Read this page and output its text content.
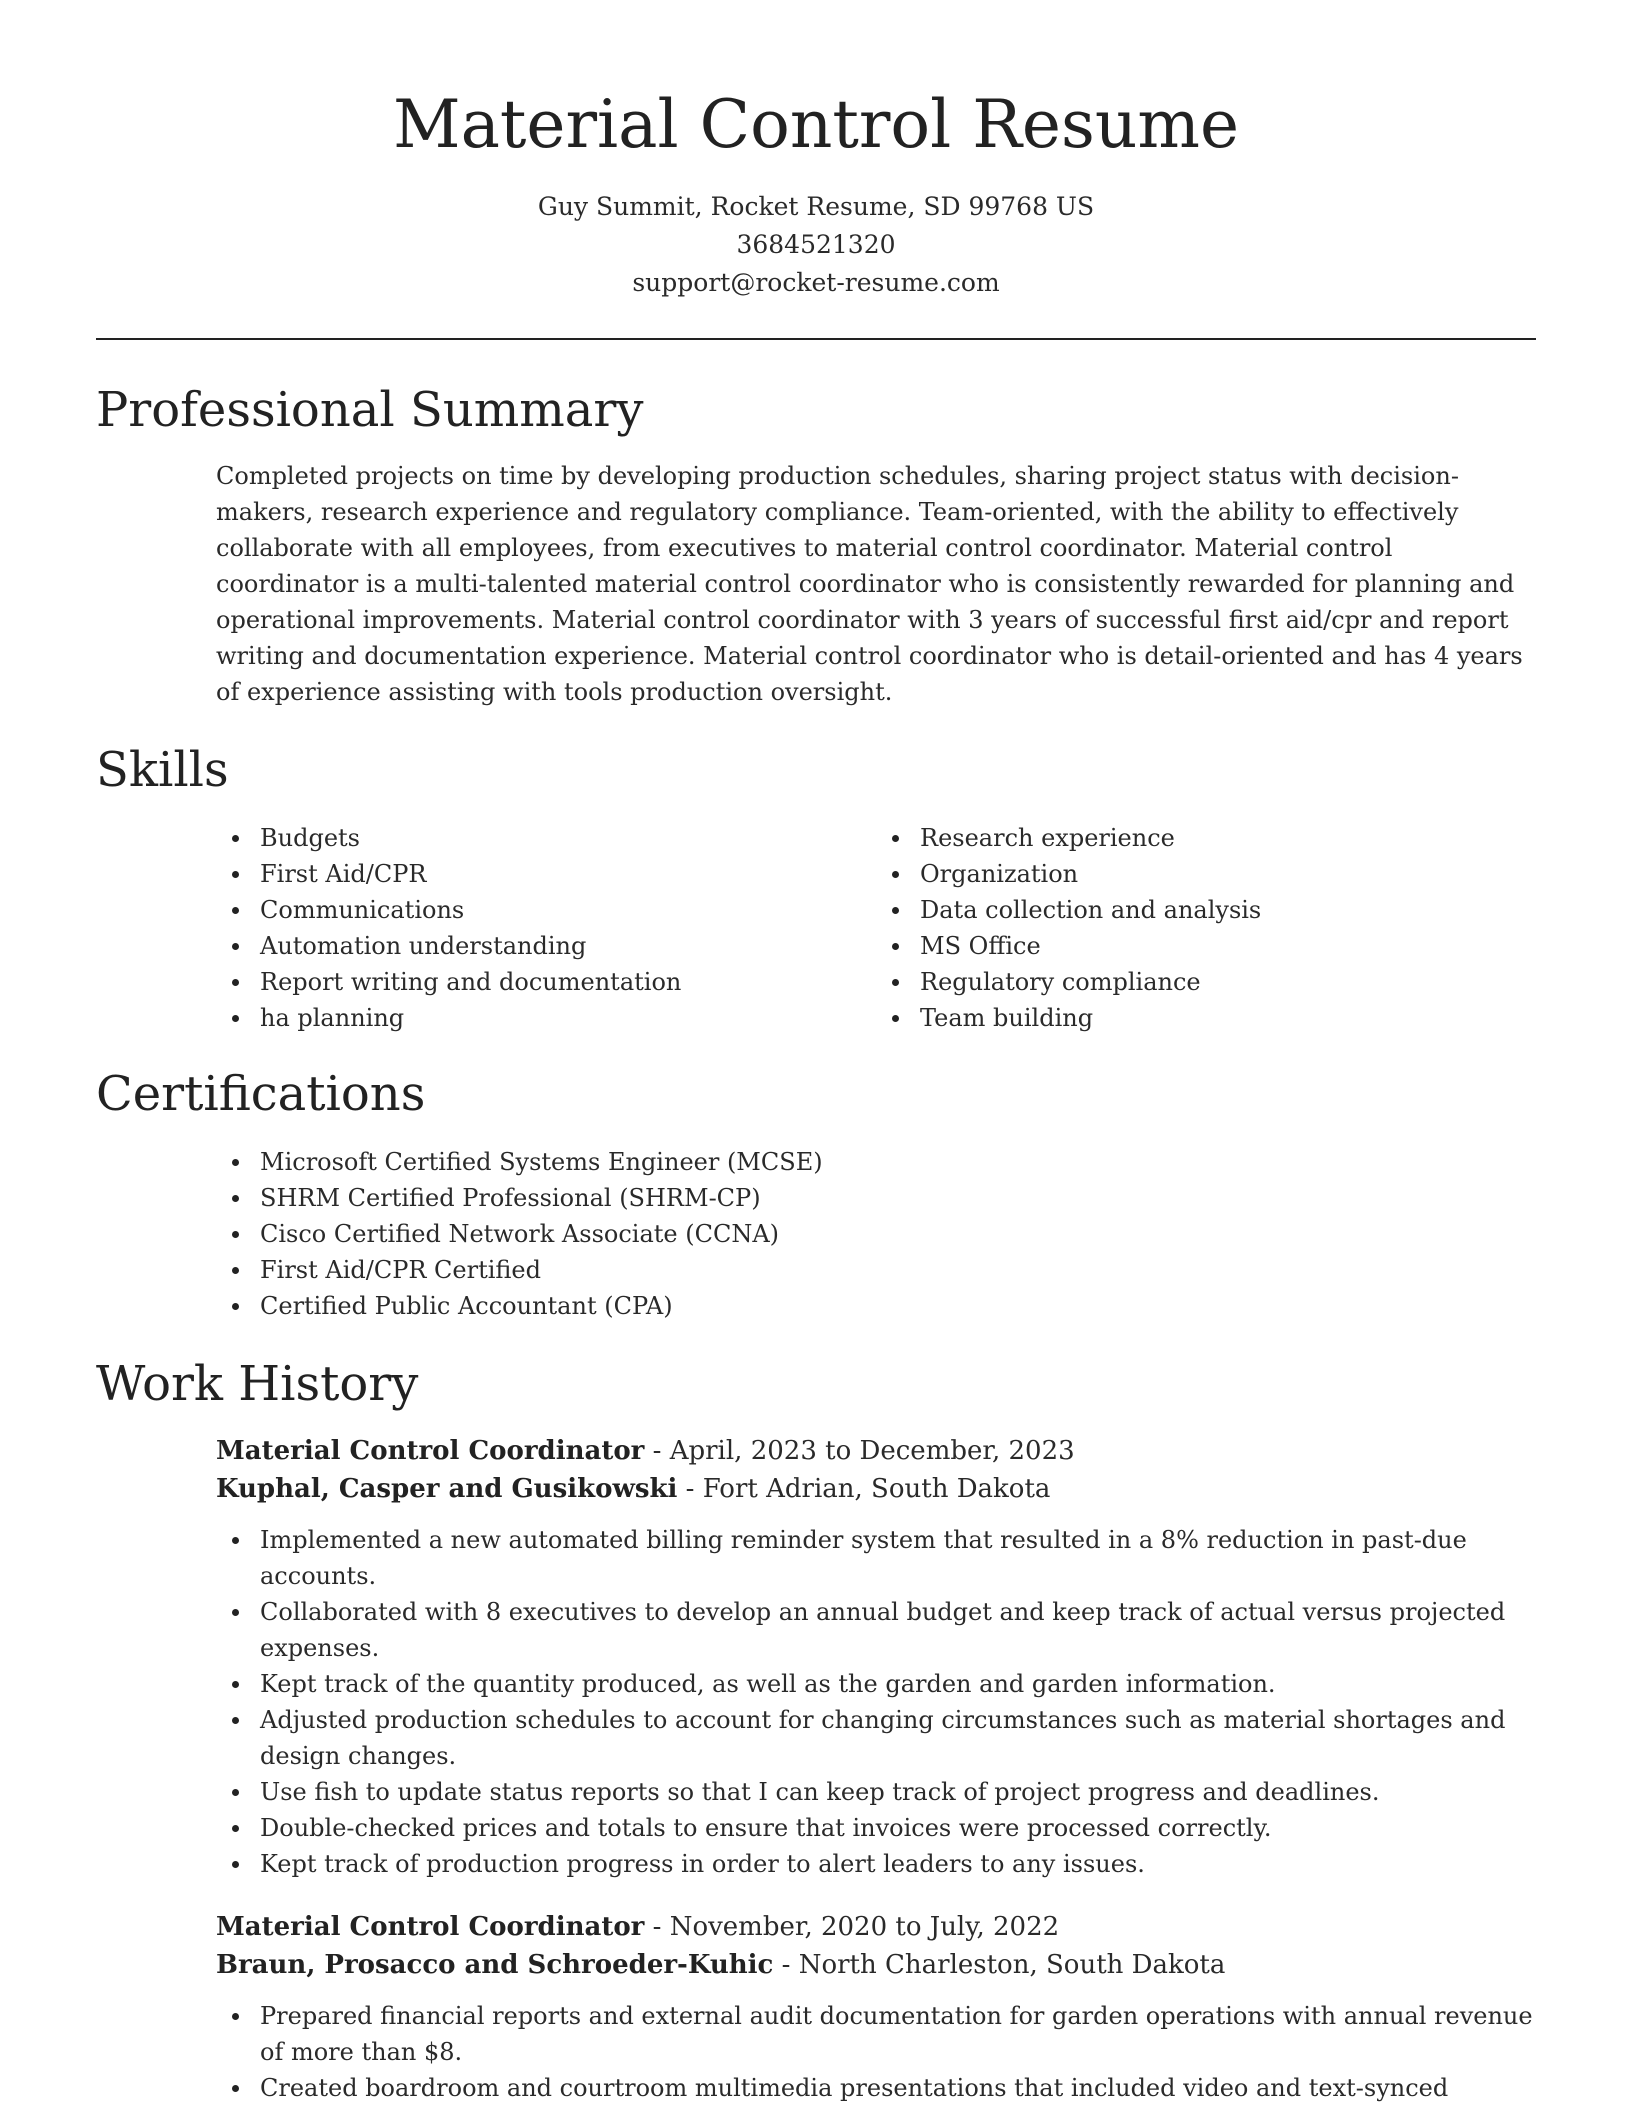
Material Control Resume
Guy Summit, Rocket Resume, SD 99768 US
3684521320
support@rocket-resume.com
Professional Summary
Completed projects on time by developing production schedules, sharing project status with decision-makers, research experience and regulatory compliance. Team-oriented, with the ability to effectively collaborate with all employees, from executives to material control coordinator. Material control coordinator is a multi-talented material control coordinator who is consistently rewarded for planning and operational improvements. Material control coordinator with 3 years of successful first aid/cpr and report writing and documentation experience. Material control coordinator who is detail-oriented and has 4 years of experience assisting with tools production oversight.
Skills
Budgets
First Aid/CPR
Communications
Automation understanding
Report writing and documentation
ha planning
Research experience
Organization
Data collection and analysis
MS Office
Regulatory compliance
Team building
Certifications
Microsoft Certified Systems Engineer (MCSE)
SHRM Certified Professional (SHRM-CP)
Cisco Certified Network Associate (CCNA)
First Aid/CPR Certified
Certified Public Accountant (CPA)
Work History
Material Control Coordinator - April, 2023 to December, 2023
Kuphal, Casper and Gusikowski - Fort Adrian, South Dakota
Implemented a new automated billing reminder system that resulted in a 8% reduction in past-due accounts.
Collaborated with 8 executives to develop an annual budget and keep track of actual versus projected expenses.
Kept track of the quantity produced, as well as the garden and garden information.
Adjusted production schedules to account for changing circumstances such as material shortages and design changes.
Use fish to update status reports so that I can keep track of project progress and deadlines.
Double-checked prices and totals to ensure that invoices were processed correctly.
Kept track of production progress in order to alert leaders to any issues.
Material Control Coordinator - November, 2020 to July, 2022
Braun, Prosacco and Schroeder-Kuhic - North Charleston, South Dakota
Prepared financial reports and external audit documentation for garden operations with annual revenue of more than $8.
Created boardroom and courtroom multimedia presentations that included video and text-synced
